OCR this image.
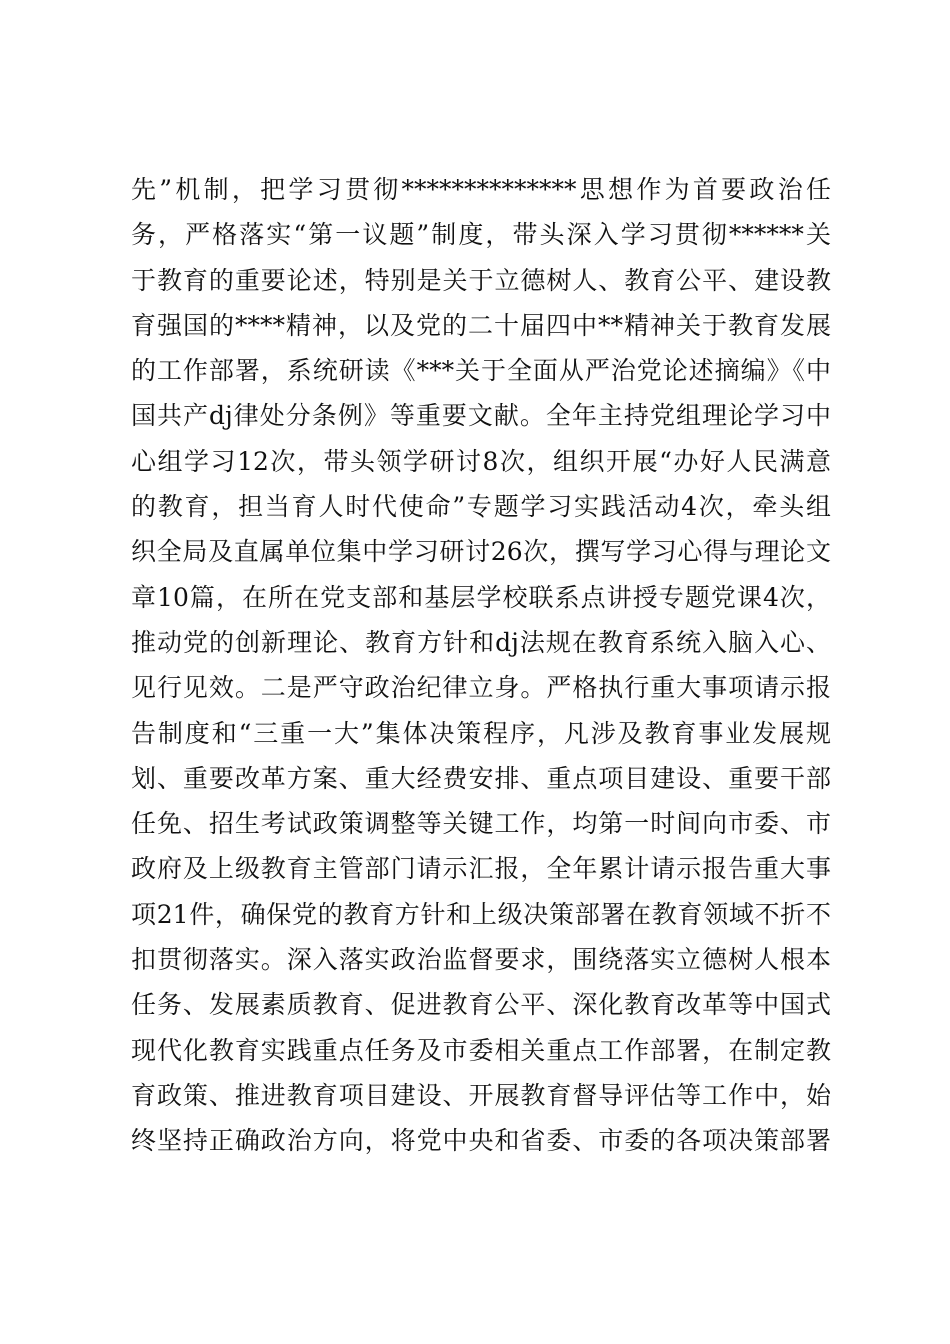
先”机制，把学习贯彻**************思想作为首要政治任
务，严格落实“第一议题”制度，带头深入学习贯彻******关
于教育的重要论述，特别是关于立德树人、教育公平、建设教
育强国的****精神，以及党的二十届四中**精神关于教育发展
的工作部署，系统研读《***关于全面从严治党论述摘编》《中
国共产dj律处分条例》等重要文献。全年主持党组理论学习中
心组学习12次，带头领学研讨8次，组织开展“办好人民满意
的教育，担当育人时代使命”专题学习实践活动4次，牵头组
织全局及直属单位集中学习研讨26次，撰写学习心得与理论文
章10篇，在所在党支部和基层学校联系点讲授专题党课4次，
推动党的创新理论、教育方针和dj法规在教育系统入脑入心、
见行见效。二是严守政治纪律立身。严格执行重大事项请示报
告制度和“三重一大”集体决策程序，凡涉及教育事业发展规
划、重要改革方案、重大经费安排、重点项目建设、重要干部
任免、招生考试政策调整等关键工作，均第一时间向市委、市
政府及上级教育主管部门请示汇报，全年累计请示报告重大事
项21件，确保党的教育方针和上级决策部署在教育领域不折不
扣贯彻落实。深入落实政治监督要求，围绕落实立德树人根本
任务、发展素质教育、促进教育公平、深化教育改革等中国式
现代化教育实践重点任务及市委相关重点工作部署，在制定教
育政策、推进教育项目建设、开展教育督导评估等工作中，始
终坚持正确政治方向，将党中央和省委、市委的各项决策部署
